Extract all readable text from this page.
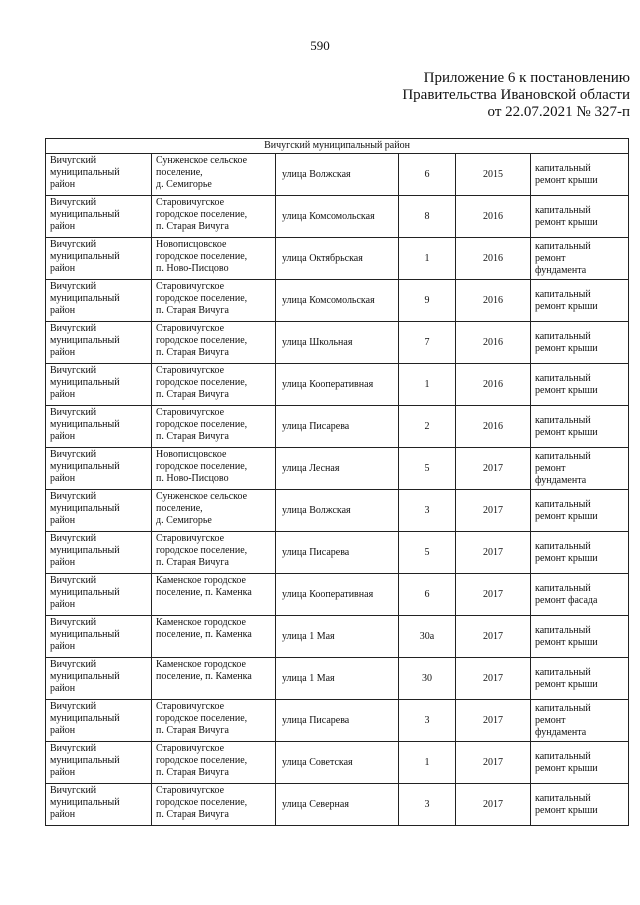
590
Приложение 6 к постановлению
Правительства Ивановской области
от 22.07.2021 № 327-п
Вичугский муниципальный район					

Вичугский
муниципальный
район	Сунженское сельское
поселение,
д. Семигорье	улица Волжская	6	2015	капитальный
ремонт крыши

Вичугский
муниципальный
район	Старовичугское
городское поселение,
п. Старая Вичуга	улица Комсомольская	8	2016	капитальный
ремонт крыши

Вичугский
муниципальный
район	Новописцовское
городское поселение,
п. Ново-Писцово	улица Октябрьская	1	2016	капитальный
ремонт
фундамента

Вичугский
муниципальный
район	Старовичугское
городское поселение,
п. Старая Вичуга	улица Комсомольская	9	2016	капитальный
ремонт крыши

Вичугский
муниципальный
район	Старовичугское
городское поселение,
п. Старая Вичуга	улица Школьная	7	2016	капитальный
ремонт крыши

Вичугский
муниципальный
район	Старовичугское
городское поселение,
п. Старая Вичуга	улица Кооперативная	1	2016	капитальный
ремонт крыши

Вичугский
муниципальный
район	Старовичугское
городское поселение,
п. Старая Вичуга	улица Писарева	2	2016	капитальный
ремонт крыши

Вичугский
муниципальный
район	Новописцовское
городское поселение,
п. Ново-Писцово	улица Лесная	5	2017	капитальный
ремонт
фундамента

Вичугский
муниципальный
район	Сунженское сельское
поселение,
д. Семигорье	улица Волжская	3	2017	капитальный
ремонт крыши

Вичугский
муниципальный
район	Старовичугское
городское поселение,
п. Старая Вичуга	улица Писарева	5	2017	капитальный
ремонт крыши

Вичугский
муниципальный
район	Каменское городское
поселение, п. Каменка	улица Кооперативная	6	2017	капитальный
ремонт фасада

Вичугский
муниципальный
район	Каменское городское
поселение, п. Каменка	улица 1 Мая	30а	2017	капитальный
ремонт крыши

Вичугский
муниципальный
район	Каменское городское
поселение, п. Каменка	улица 1 Мая	30	2017	капитальный
ремонт крыши

Вичугский
муниципальный
район	Старовичугское
городское поселение,
п. Старая Вичуга	улица Писарева	3	2017	капитальный
ремонт
фундамента

Вичугский
муниципальный
район	Старовичугское
городское поселение,
п. Старая Вичуга	улица Советская	1	2017	капитальный
ремонт крыши

Вичугский
муниципальный
район	Старовичугское
городское поселение,
п. Старая Вичуга	улица Северная	3	2017	капитальный
ремонт крыши
